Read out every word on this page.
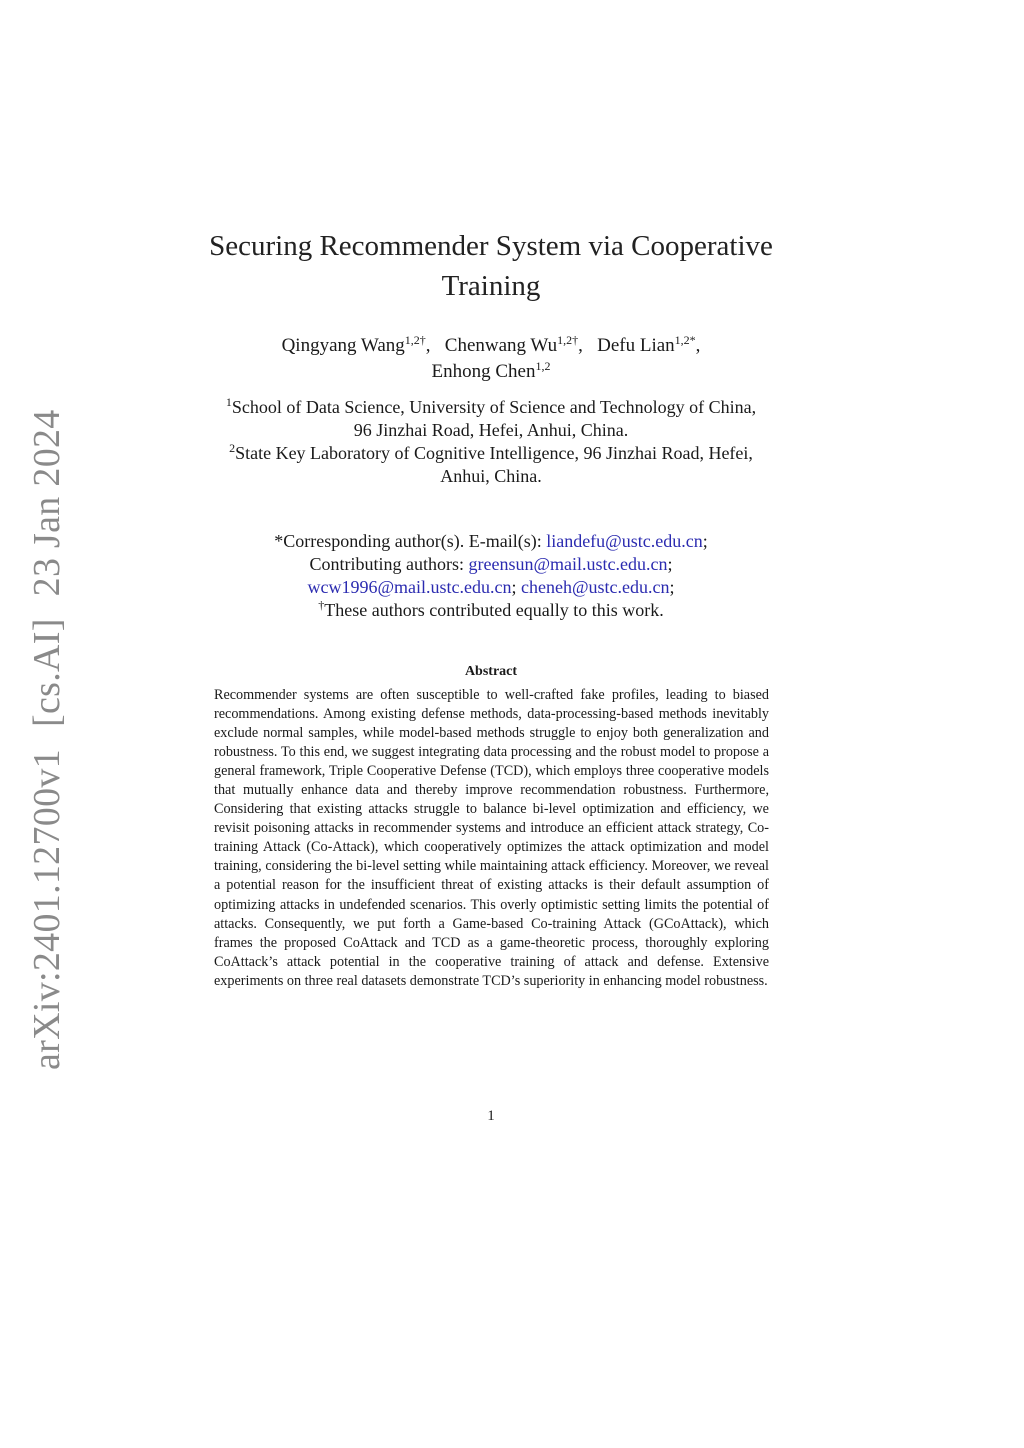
arXiv:2401.12700v1[cs.AI]23 Jan 2024
Securing Recommender System via Cooperative
Training
Qingyang Wang$^{1,2\dagger}$, Chenwang $Wu^{1,2\dagger}$, Defu Lian$^{1,2*}$,
Enhong Chen$^{1,2}$
$^1$School of Data Science, University of Science and Technology of China,
96 Jinzhai Road, Hefei, Anhui, China.
$^2$State Key Laboratory of Cognitive Intelligence, 96 Jinzhai Road, Hefei,
Anhui, China.
*Corresponding author(s). E-mail(s): liandefu@ustc.edu.cn;
Contributing authors: greensun@mail.ustc.edu.cn;
wcw1996@mail.ustc.edu.cn; cheneh@ustc.edu.cn;
†These authors contributed equally to this work.
Abstract
Recommender systems are often susceptible to well-crafted fake profiles, leading to biased recommendations. Among existing defense methods, data-processing-based methods inevitably exclude normal samples, while model-based methods struggle to enjoy both generalization and robustness. To this end, we suggest integrating data processing and the robust model to propose a general framework, Triple Cooperative Defense (TCD), which employs three cooperative models that mutually enhance data and thereby improve recommendation robustness. Furthermore, Considering that existing attacks struggle to balance bi-level optimization and efficiency, we revisit poisoning attacks in recommender systems and introduce an efficient attack strategy, Co-training Attack (Co-Attack), which cooperatively optimizes the attack optimization and model training, considering the bi-level setting while maintaining attack efficiency. Moreover, we reveal a potential reason for the insufficient threat of existing attacks is their default assumption of optimizing attacks in undefended scenarios. This overly optimistic setting limits the potential of attacks. Consequently, we put forth a Game-based Co-training Attack (GCoAttack), which frames the proposed CoAttack and TCD as a game-theoretic process, thoroughly exploring CoAttack’s attack potential in the cooperative training of attack and defense. Extensive experiments on three real datasets demonstrate TCD’s superiority in enhancing model robustness.
1
